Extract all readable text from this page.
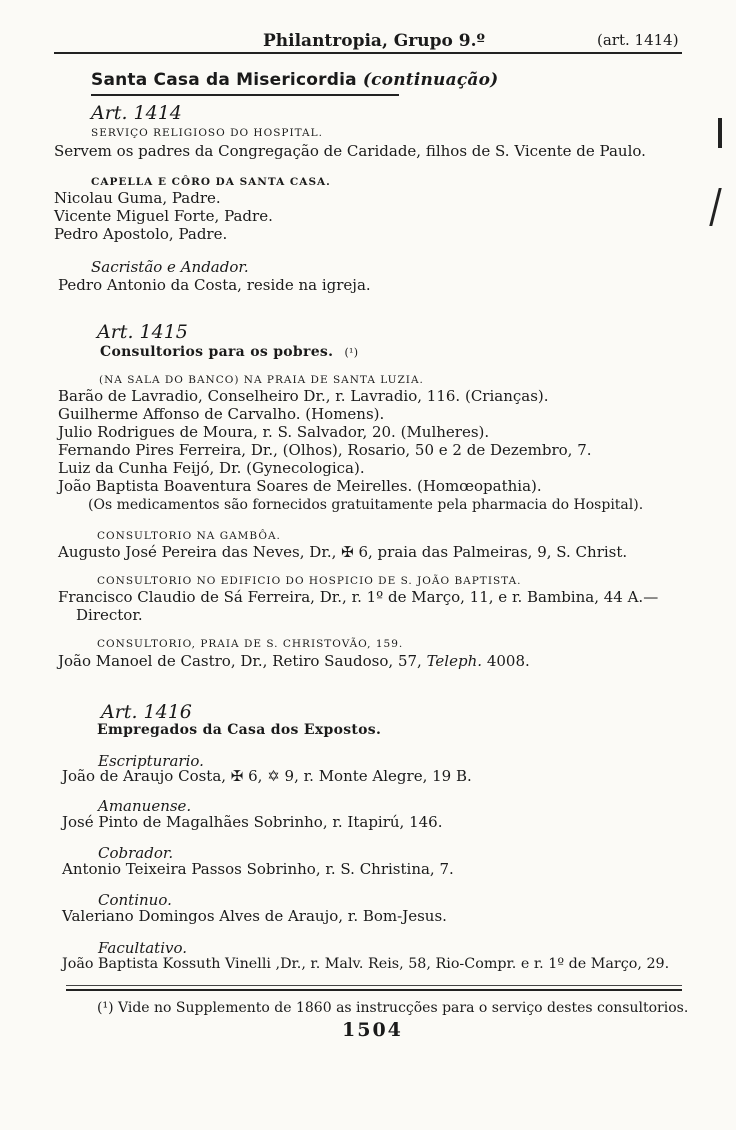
Philantropia, Grupo 9.º	(art. 1414)
Santa Casa da Misericordia (continuação)
Art. 1414
SERVIÇO RELIGIOSO DO HOSPITAL.
Servem os padres da Congregação de Caridade, filhos de S. Vicente de Paulo.
CAPELLA E CÔRO DA SANTA CASA.
Nicolau Guma, Padre.
Vicente Miguel Forte, Padre.
Pedro Apostolo, Padre.
Sacristão e Andador.
Pedro Antonio da Costa, reside na igreja.
Art. 1415
Consultorios para os pobres. (¹)
(NA SALA DO BANCO) NA PRAIA DE SANTA LUZIA.
Barão de Lavradio, Conselheiro Dr., r. Lavradio, 116. (Crianças).
Guilherme Affonso de Carvalho. (Homens).
Julio Rodrigues de Moura, r. S. Salvador, 20. (Mulheres).
Fernando Pires Ferreira, Dr., (Olhos), Rosario, 50 e 2 de Dezembro, 7.
Luiz da Cunha Feijó, Dr. (Gynecologica).
João Baptista Boaventura Soares de Meirelles. (Homœopathia).
(Os medicamentos são fornecidos gratuitamente pela pharmacia do Hospital).
CONSULTORIO NA GAMBÔA.
Augusto José Pereira das Neves, Dr., ✠ 6, praia das Palmeiras, 9, S. Christ.
CONSULTORIO NO EDIFICIO DO HOSPICIO DE S. JOÃO BAPTISTA.
Francisco Claudio de Sá Ferreira, Dr., r. 1º de Março, 11, e r. Bambina, 44 A.—
Director.
CONSULTORIO, PRAIA DE S. CHRISTOVÃO, 159.
João Manoel de Castro, Dr., Retiro Saudoso, 57, Teleph. 4008.
Art. 1416
Empregados da Casa dos Expostos.
Escripturario.
João de Araujo Costa, ✠ 6, ✡ 9, r. Monte Alegre, 19 B.
Amanuense.
José Pinto de Magalhães Sobrinho, r. Itapirú, 146.
Cobrador.
Antonio Teixeira Passos Sobrinho, r. S. Christina, 7.
Continuo.
Valeriano Domingos Alves de Araujo, r. Bom-Jesus.
Facultativo.
João Baptista Kossuth Vinelli ,Dr., r. Malv. Reis, 58, Rio-Compr. e r. 1º de Março, 29.
(¹) Vide no Supplemento de 1860 as instrucções para o serviço destes consultorios.
1504
